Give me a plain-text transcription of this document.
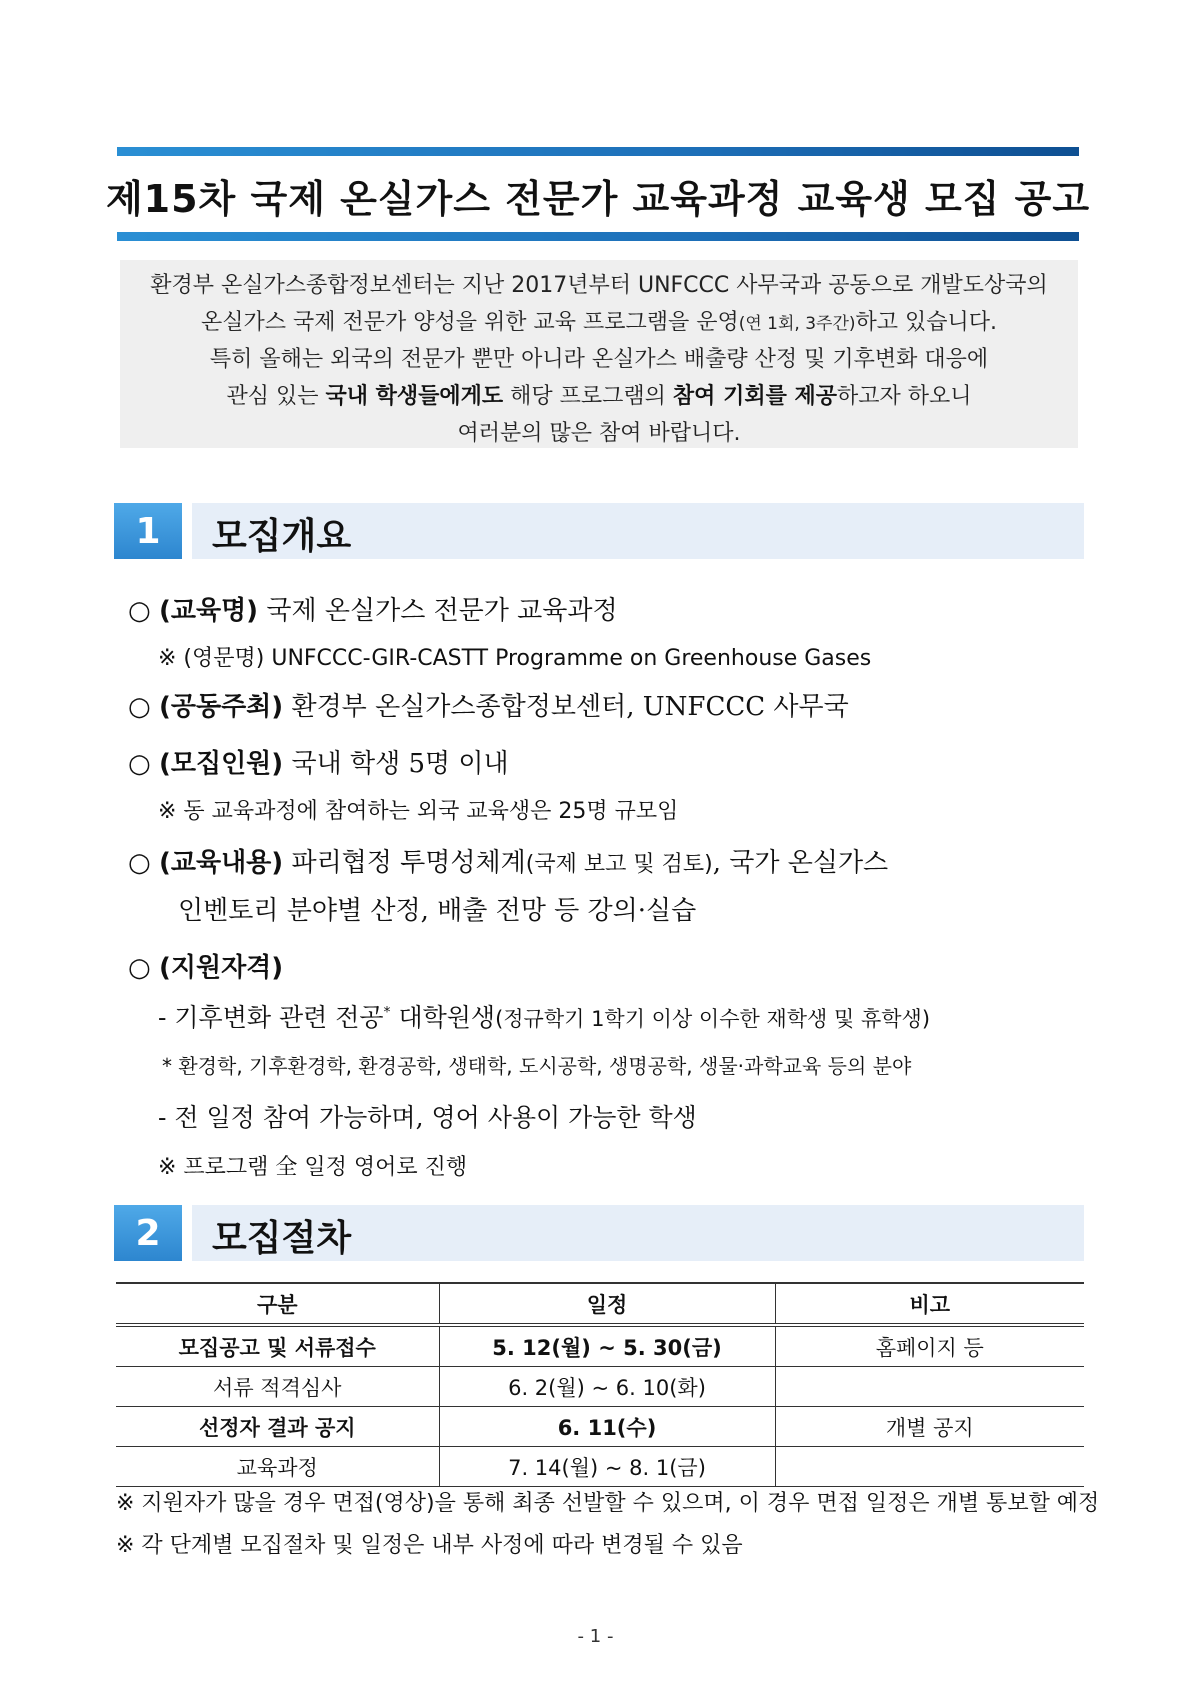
제15차 국제 온실가스 전문가 교육과정 교육생 모집 공고
환경부 온실가스종합정보센터는 지난 2017년부터 UNFCCC 사무국과 공동으로 개발도상국의
온실가스 국제 전문가 양성을 위한 교육 프로그램을 운영(연 1회, 3주간)하고 있습니다.
특히 올해는 외국의 전문가 뿐만 아니라 온실가스 배출량 산정 및 기후변화 대응에
관심 있는 국내 학생들에게도 해당 프로그램의 참여 기회를 제공하고자 하오니
여러분의 많은 참여 바랍니다.
1	모집개요
○ (교육명) 국제 온실가스 전문가 교육과정
※ (영문명) UNFCCC-GIR-CASTT Programme on Greenhouse Gases
○ (공동주최) 환경부 온실가스종합정보센터, UNFCCC 사무국
○ (모집인원) 국내 학생 5명 이내
※ 동 교육과정에 참여하는 외국 교육생은 25명 규모임
○ (교육내용) 파리협정 투명성체계(국제 보고 및 검토), 국가 온실가스
인벤토리 분야별 산정, 배출 전망 등 강의·실습
○ (지원자격)
- 기후변화 관련 전공* 대학원생(정규학기 1학기 이상 이수한 재학생 및 휴학생)
* 환경학, 기후환경학, 환경공학, 생태학, 도시공학, 생명공학, 생물·과학교육 등의 분야
- 전 일정 참여 가능하며, 영어 사용이 가능한 학생
※ 프로그램 全 일정 영어로 진행
2	모집절차
구분	일정	비고
모집공고 및 서류접수	5. 12(월) ~ 5. 30(금)	홈페이지 등
서류 적격심사	6. 2(월) ~ 6. 10(화)	
선정자 결과 공지	6. 11(수)	개별 공지
교육과정	7. 14(월) ~ 8. 1(금)	
※ 지원자가 많을 경우 면접(영상)을 통해 최종 선발할 수 있으며, 이 경우 면접 일정은 개별 통보할 예정
※ 각 단계별 모집절차 및 일정은 내부 사정에 따라 변경될 수 있음
- 1 -
